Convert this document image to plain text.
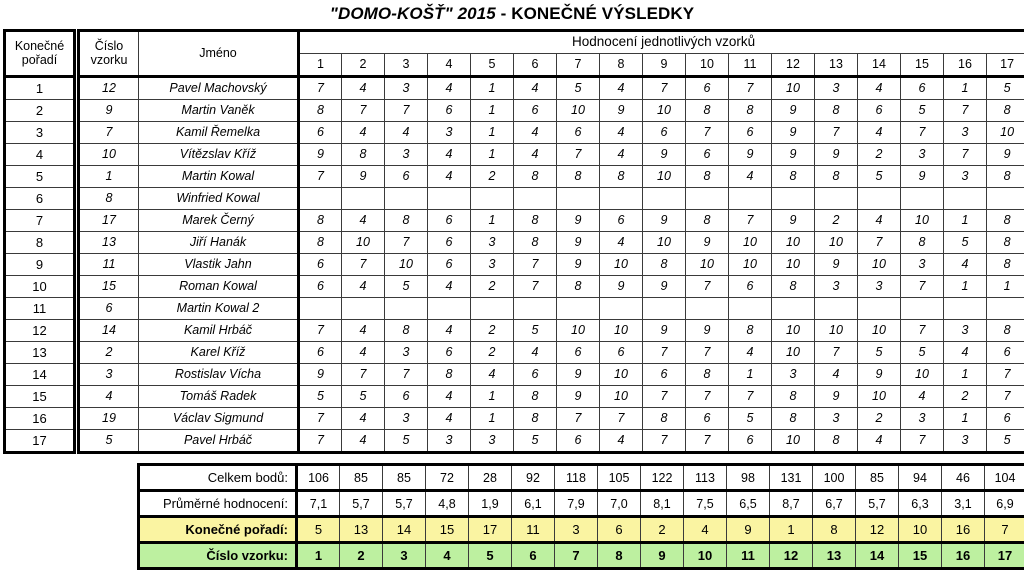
"DOMO-KOŠŤ" 2015 - KONEČNÉ VÝSLEDKY
Konečné
pořadí

Číslo
vzorku	Jméno	Hodnocení jednotlivých vzorků
				1	2	3	4	5	6	7	8	9	10	11	12	13	14	15	16	17
1		12	Pavel Machovský	7	4	3	4	1	4	5	4	7	6	7	10	3	4	6	1	5
2		9	Martin Vaněk	8	7	7	6	1	6	10	9	10	8	8	9	8	6	5	7	8
3		7	Kamil Řemelka	6	4	4	3	1	4	6	4	6	7	6	9	7	4	7	3	10
4		10	Vítězslav Kříž	9	8	3	4	1	4	7	4	9	6	9	9	9	2	3	7	9
5		1	Martin Kowal	7	9	6	4	2	8	8	8	10	8	4	8	8	5	9	3	8
6		8	Winfried Kowal																	
7		17	Marek Černý	8	4	8	6	1	8	9	6	9	8	7	9	2	4	10	1	8
8		13	Jiří Hanák	8	10	7	6	3	8	9	4	10	9	10	10	10	7	8	5	8
9		11	Vlastik Jahn	6	7	10	6	3	7	9	10	8	10	10	10	9	10	3	4	8
10		15	Roman Kowal	6	4	5	4	2	7	8	9	9	7	6	8	3	3	7	1	1
11		6	Martin Kowal 2																	
12		14	Kamil Hrbáč	7	4	8	4	2	5	10	10	9	9	8	10	10	10	7	3	8
13		2	Karel Kříž	6	4	3	6	2	4	6	6	7	7	4	10	7	5	5	4	6
14		3	Rostislav Vícha	9	7	7	8	4	6	9	10	6	8	1	3	4	9	10	1	7
15		4	Tomáš Radek	5	5	6	4	1	8	9	10	7	7	7	8	9	10	4	2	7
16		19	Václav Sigmund	7	4	3	4	1	8	7	7	8	6	5	8	3	2	3	1	6
17		5	Pavel Hrbáč	7	4	5	3	3	5	6	4	7	7	6	10	8	4	7	3	5
Celkem bodů:	106	85	85	72	28	92	118	105	122	113	98	131	100	85	94	46	104
Průměrné hodnocení:	7,1	5,7	5,7	4,8	1,9	6,1	7,9	7,0	8,1	7,5	6,5	8,7	6,7	5,7	6,3	3,1	6,9
Konečné pořadí:	5	13	14	15	17	11	3	6	2	4	9	1	8	12	10	16	7
Číslo vzorku:	1	2	3	4	5	6	7	8	9	10	11	12	13	14	15	16	17
